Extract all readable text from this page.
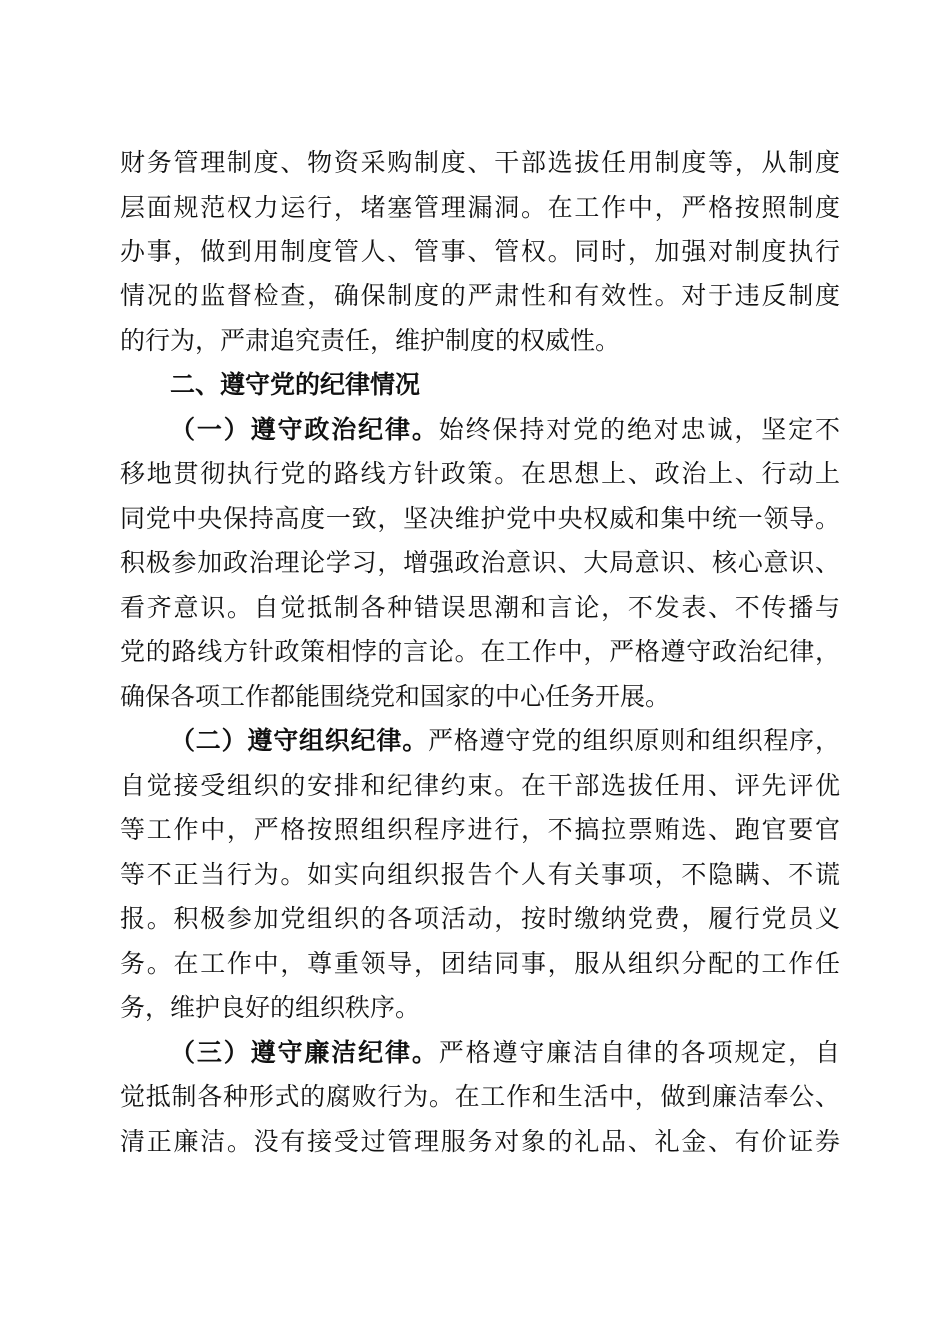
财务管理制度、物资采购制度、干部选拔任用制度等，从制度
层面规范权力运行，堵塞管理漏洞。在工作中，严格按照制度
办事，做到用制度管人、管事、管权。同时，加强对制度执行
情况的监督检查，确保制度的严肃性和有效性。对于违反制度
的行为，严肃追究责任，维护制度的权威性。
二、遵守党的纪律情况
（一）遵守政治纪律。始终保持对党的绝对忠诚，坚定不
移地贯彻执行党的路线方针政策。在思想上、政治上、行动上
同党中央保持高度一致，坚决维护党中央权威和集中统一领导。
积极参加政治理论学习，增强政治意识、大局意识、核心意识、
看齐意识。自觉抵制各种错误思潮和言论，不发表、不传播与
党的路线方针政策相悖的言论。在工作中，严格遵守政治纪律，
确保各项工作都能围绕党和国家的中心任务开展。
（二）遵守组织纪律。严格遵守党的组织原则和组织程序，
自觉接受组织的安排和纪律约束。在干部选拔任用、评先评优
等工作中，严格按照组织程序进行，不搞拉票贿选、跑官要官
等不正当行为。如实向组织报告个人有关事项，不隐瞒、不谎
报。积极参加党组织的各项活动，按时缴纳党费，履行党员义
务。在工作中，尊重领导，团结同事，服从组织分配的工作任
务，维护良好的组织秩序。
（三）遵守廉洁纪律。严格遵守廉洁自律的各项规定，自
觉抵制各种形式的腐败行为。在工作和生活中，做到廉洁奉公、
清正廉洁。没有接受过管理服务对象的礼品、礼金、有价证券
